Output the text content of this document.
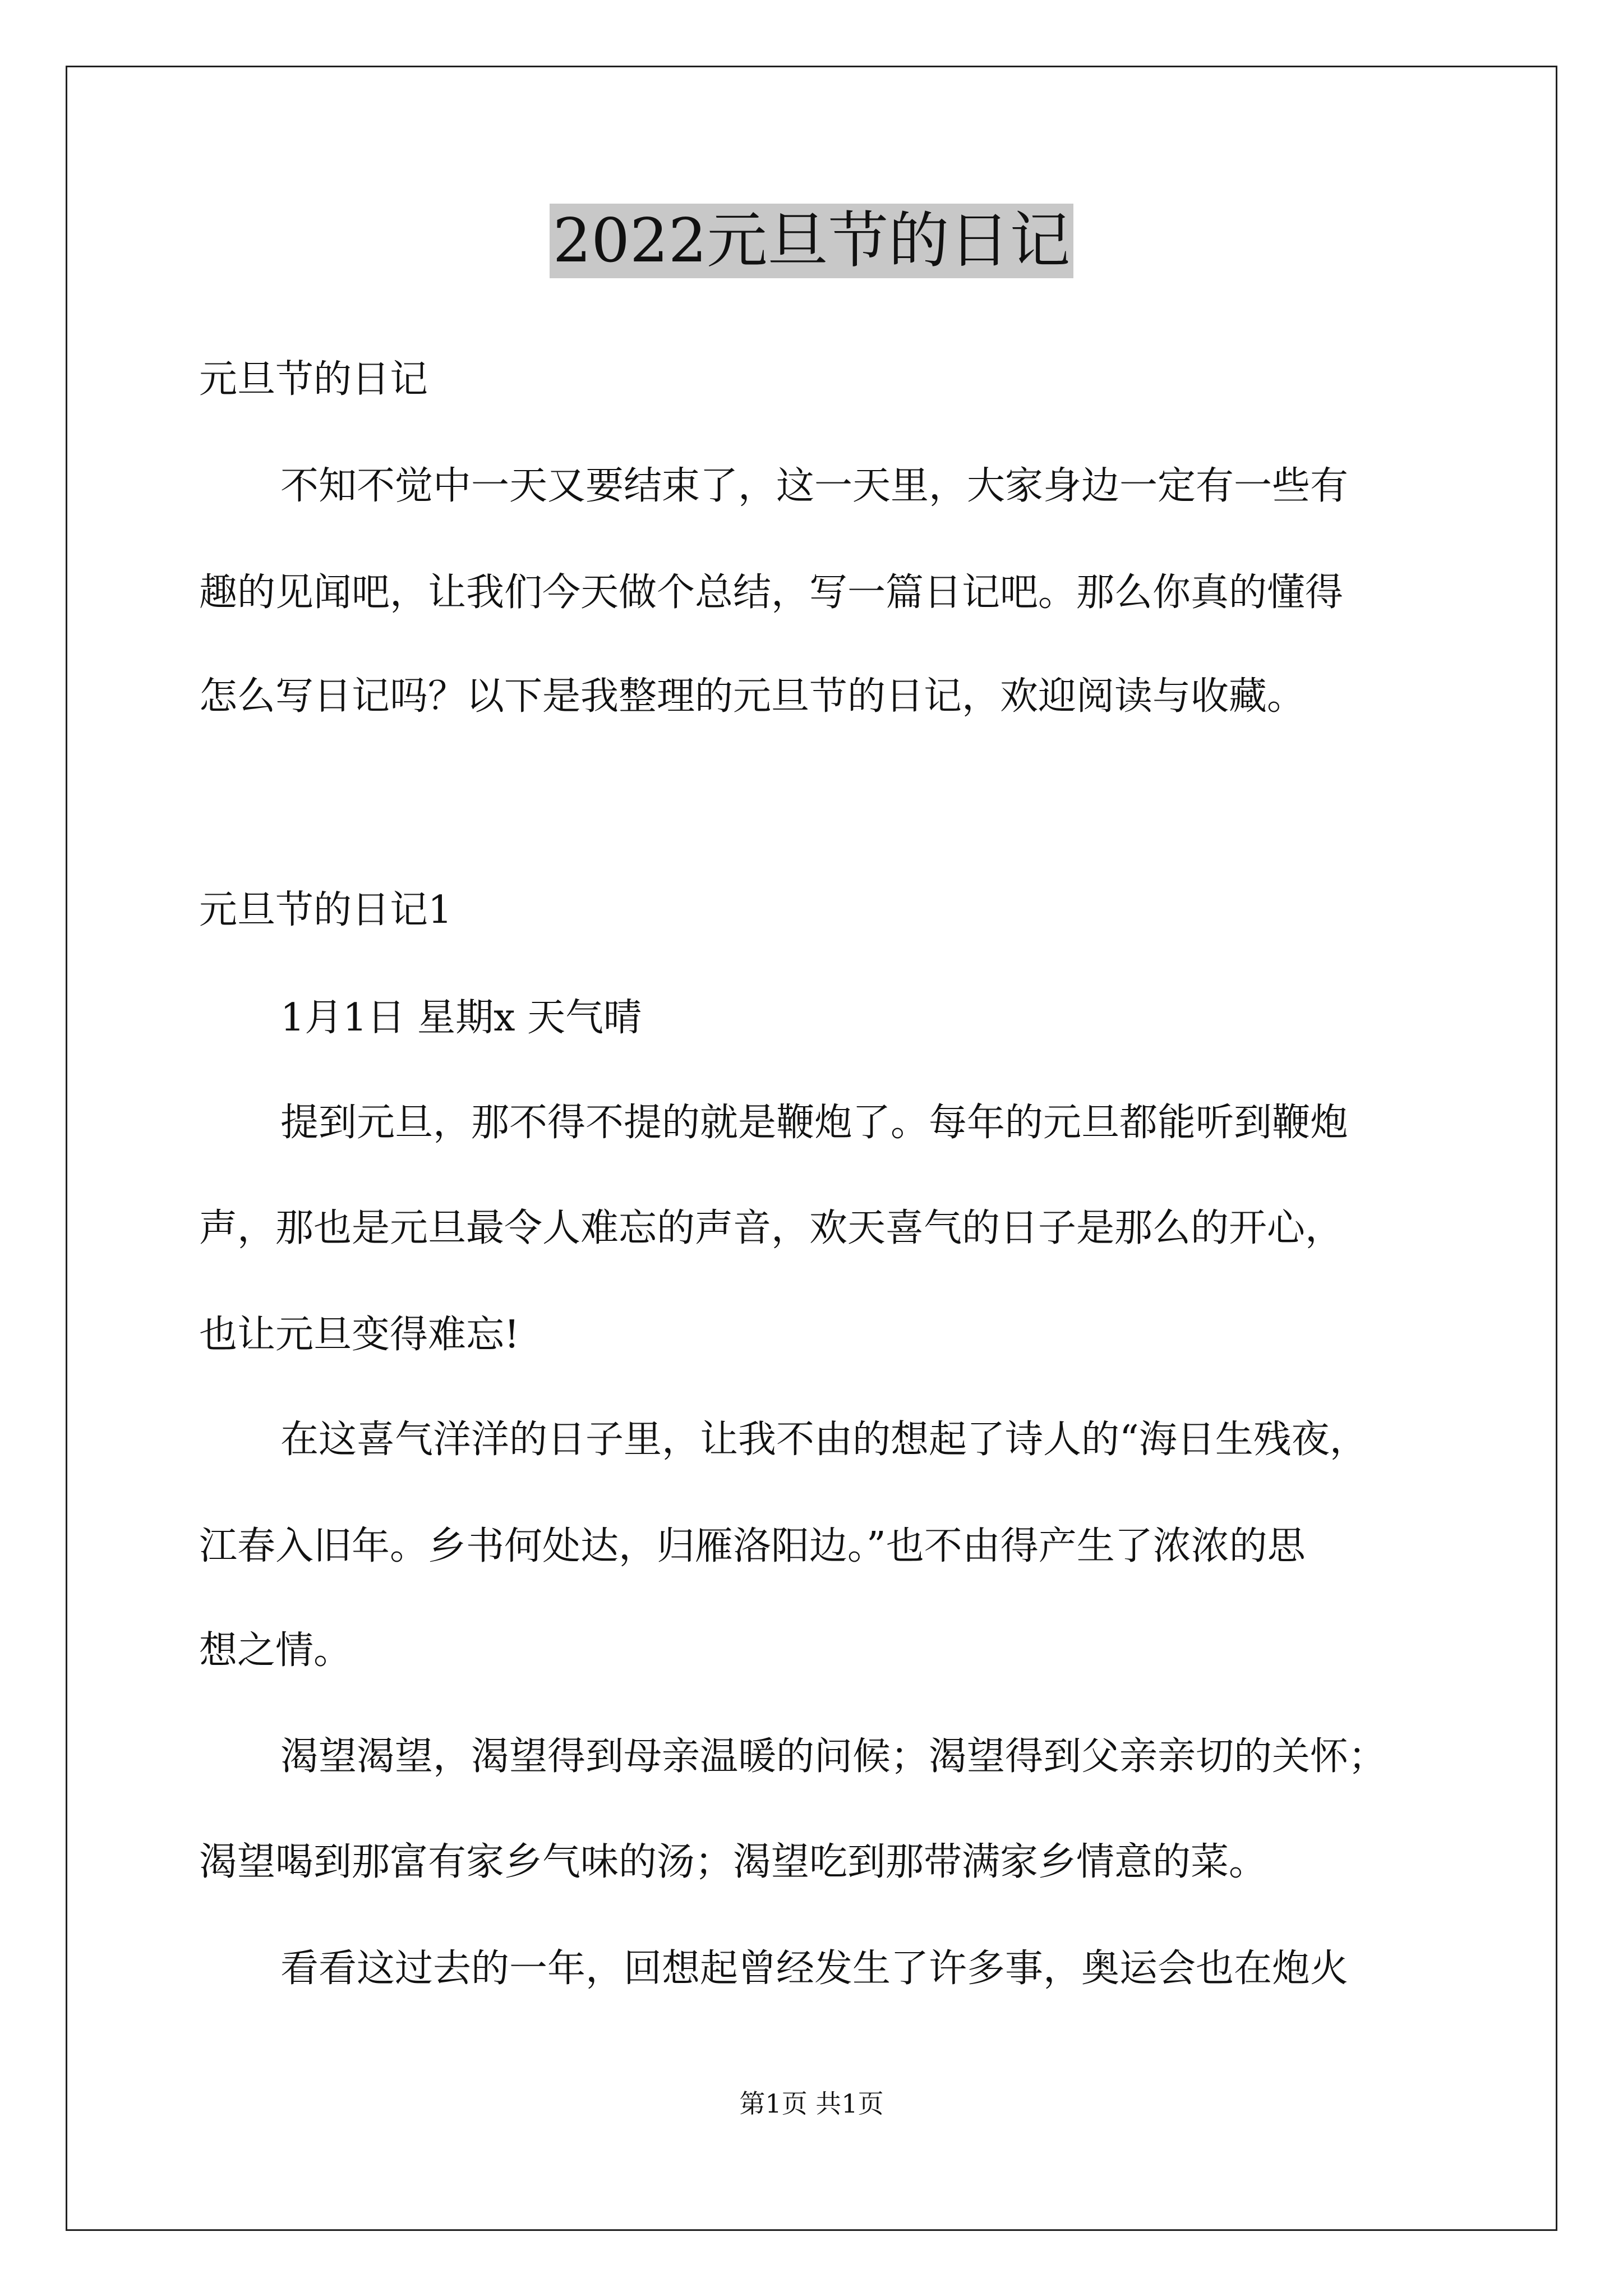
2022元旦节的日记
元旦节的日记
不知不觉中一天又要结束了，这一天里，大家身边一定有一些有
趣的见闻吧，让我们今天做个总结，写一篇日记吧。那么你真的懂得
怎么写日记吗？以下是我整理的元旦节的日记，欢迎阅读与收藏。
元旦节的日记1
1月1日 星期x 天气晴
提到元旦，那不得不提的就是鞭炮了。每年的元旦都能听到鞭炮
声，那也是元旦最令人难忘的声音，欢天喜气的日子是那么的开心，
也让元旦变得难忘!
在这喜气洋洋的日子里，让我不由的想起了诗人的“海日生残夜，
江春入旧年。乡书何处达，归雁洛阳边。”也不由得产生了浓浓的思
想之情。
渴望渴望，渴望得到母亲温暖的问候；渴望得到父亲亲切的关怀；
渴望喝到那富有家乡气味的汤；渴望吃到那带满家乡情意的菜。
看看这过去的一年，回想起曾经发生了许多事，奥运会也在炮火
第1页 共1页
